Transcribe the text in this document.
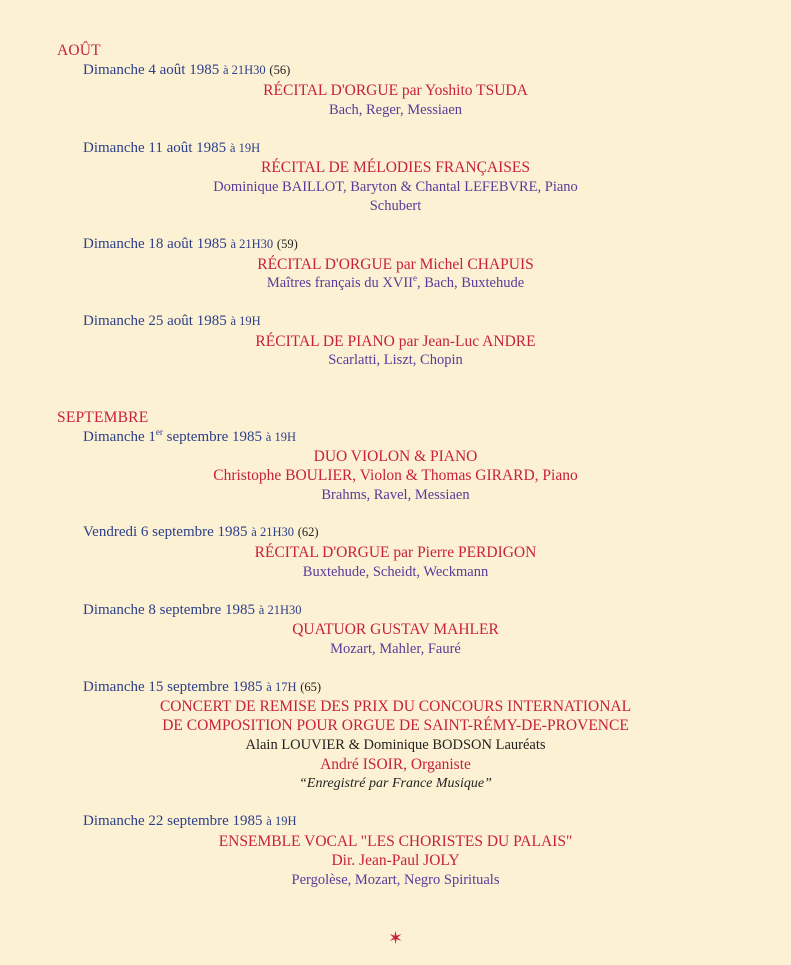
AOÛT
Dimanche 4 août 1985 à 21H30 (56)
RÉCITAL D'ORGUE par Yoshito TSUDA
Bach, Reger, Messiaen
Dimanche 11 août 1985 à 19H
RÉCITAL DE MÉLODIES FRANÇAISES
Dominique BAILLOT, Baryton & Chantal LEFEBVRE, Piano
Schubert
Dimanche 18 août 1985 à 21H30 (59)
RÉCITAL D'ORGUE par Michel CHAPUIS
Maîtres français du XVIIe, Bach, Buxtehude
Dimanche 25 août 1985 à 19H
RÉCITAL DE PIANO par Jean-Luc ANDRE
Scarlatti, Liszt, Chopin
SEPTEMBRE
Dimanche 1er septembre 1985 à 19H
DUO VIOLON & PIANO
Christophe BOULIER, Violon & Thomas GIRARD, Piano
Brahms, Ravel, Messiaen
Vendredi 6 septembre 1985 à 21H30 (62)
RÉCITAL D'ORGUE par Pierre PERDIGON
Buxtehude, Scheidt, Weckmann
Dimanche 8 septembre 1985 à 21H30
QUATUOR GUSTAV MAHLER
Mozart, Mahler, Fauré
Dimanche 15 septembre 1985 à 17H (65)
CONCERT DE REMISE DES PRIX DU CONCOURS INTERNATIONAL
DE COMPOSITION POUR ORGUE DE SAINT-RÉMY-DE-PROVENCE
Alain LOUVIER & Dominique BODSON Lauréats
André ISOIR, Organiste
“Enregistré par France Musique”
Dimanche 22 septembre 1985 à 19H
ENSEMBLE VOCAL "LES CHORISTES DU PALAIS"
Dir. Jean-Paul JOLY
Pergolèse, Mozart, Negro Spirituals
✶
